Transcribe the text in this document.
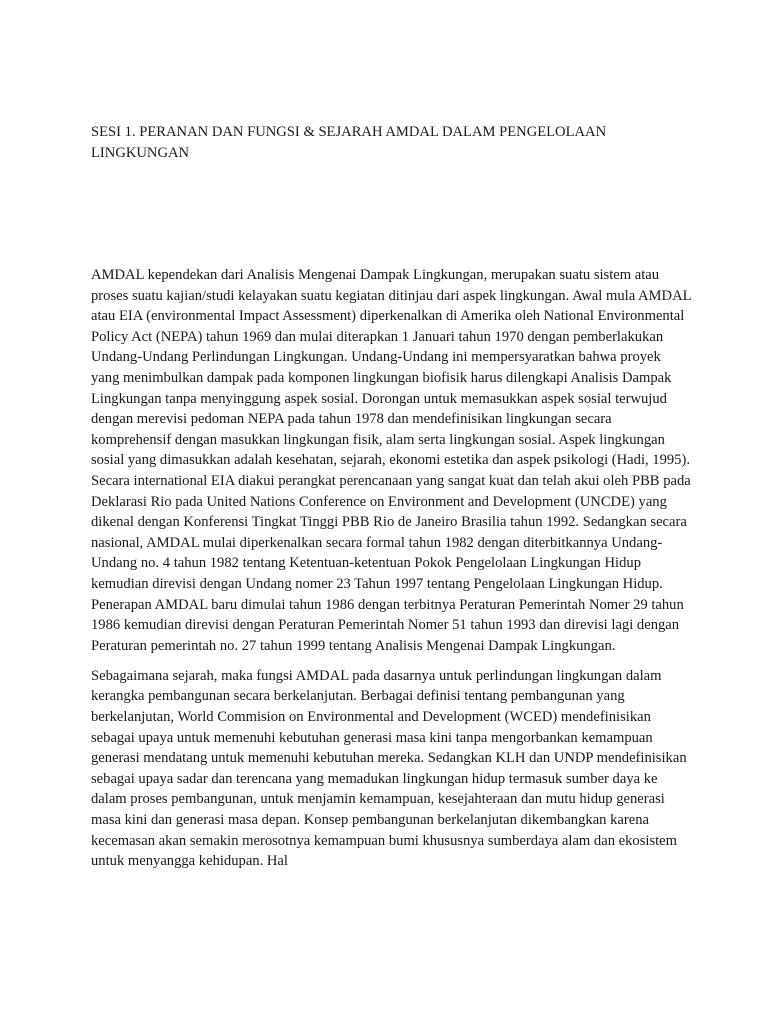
SESI 1. PERANAN DAN FUNGSI & SEJARAH AMDAL DALAM PENGELOLAAN LINGKUNGAN

AMDAL kependekan dari Analisis Mengenai Dampak Lingkungan, merupakan suatu sistem atau proses suatu kajian/studi kelayakan suatu kegiatan ditinjau dari aspek lingkungan. Awal mula AMDAL atau EIA (environmental Impact Assessment) diperkenalkan di Amerika oleh National Environmental Policy Act (NEPA) tahun 1969 dan mulai diterapkan 1 Januari tahun 1970 dengan pemberlakukan Undang-Undang Perlindungan Lingkungan. Undang-Undang ini mempersyaratkan bahwa proyek yang menimbulkan dampak pada komponen lingkungan biofisik harus dilengkapi Analisis Dampak Lingkungan tanpa menyinggung aspek sosial. Dorongan untuk memasukkan aspek sosial terwujud dengan merevisi pedoman NEPA pada tahun 1978 dan mendefinisikan lingkungan secara komprehensif dengan masukkan lingkungan fisik, alam serta lingkungan sosial. Aspek lingkungan sosial yang dimasukkan adalah kesehatan, sejarah, ekonomi estetika dan aspek psikologi (Hadi, 1995). Secara international EIA diakui perangkat perencanaan yang sangat kuat dan telah akui oleh PBB pada Deklarasi Rio pada United Nations Conference on Environment and Development (UNCDE) yang dikenal dengan Konferensi Tingkat Tinggi PBB Rio de Janeiro Brasilia tahun 1992. Sedangkan secara nasional, AMDAL mulai diperkenalkan secara formal tahun 1982 dengan diterbitkannya Undang-Undang no. 4 tahun 1982 tentang Ketentuan-ketentuan Pokok Pengelolaan Lingkungan Hidup kemudian direvisi dengan Undang nomer 23 Tahun 1997 tentang Pengelolaan Lingkungan Hidup. Penerapan AMDAL baru dimulai tahun 1986 dengan terbitnya Peraturan Pemerintah Nomer 29 tahun 1986 kemudian direvisi dengan Peraturan Pemerintah Nomer 51 tahun 1993 dan direvisi lagi dengan Peraturan pemerintah no. 27 tahun 1999 tentang Analisis Mengenai Dampak Lingkungan.

Sebagaimana sejarah, maka fungsi AMDAL pada dasarnya untuk perlindungan lingkungan dalam kerangka pembangunan secara berkelanjutan. Berbagai definisi tentang pembangunan yang berkelanjutan, World Commision on Environmental and Development (WCED) mendefinisikan sebagai upaya untuk memenuhi kebutuhan generasi masa kini tanpa mengorbankan kemampuan generasi mendatang untuk memenuhi kebutuhan mereka. Sedangkan KLH dan UNDP mendefinisikan sebagai upaya sadar dan terencana yang memadukan lingkungan hidup termasuk sumber daya ke dalam proses pembangunan, untuk menjamin kemampuan, kesejahteraan dan mutu hidup generasi masa kini dan generasi masa depan. Konsep pembangunan berkelanjutan dikembangkan karena kecemasan akan semakin merosotnya kemampuan bumi khususnya sumberdaya alam dan ekosistem untuk menyangga kehidupan. Hal
